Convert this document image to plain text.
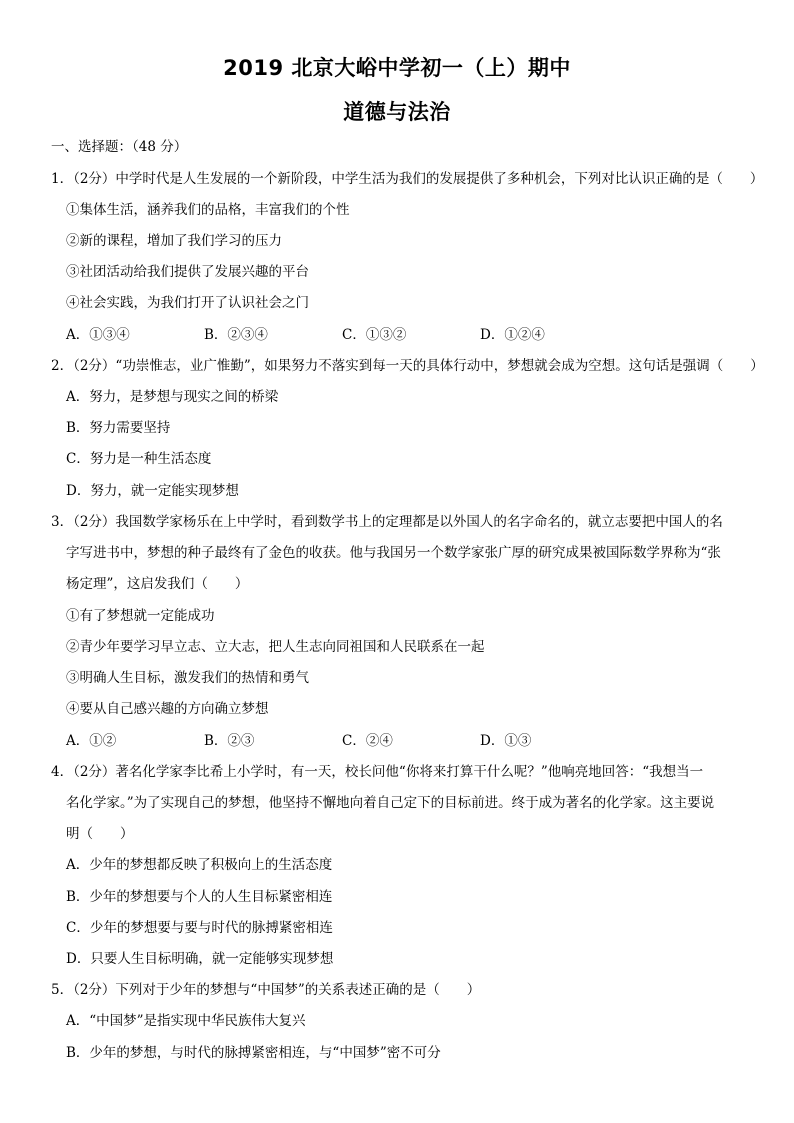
2019 北京大峪中学初一（上）期中
道德与法治
一、选择题：（48 分）
1．（2分）中学时代是人生发展的一个新阶段，中学生活为我们的发展提供了多种机会，下列对比认识正确的是（　　）
①集体生活，涵养我们的品格，丰富我们的个性
②新的课程，增加了我们学习的压力
③社团活动给我们提供了发展兴趣的平台
④社会实践，为我们打开了认识社会之门
A．①③④	B．②③④	C．①③②	D．①②④
2．（2分）“功崇惟志，业广惟勤”，如果努力不落实到每一天的具体行动中，梦想就会成为空想。这句话是强调（　　）
A．努力，是梦想与现实之间的桥梁
B．努力需要坚持
C．努力是一种生活态度
D．努力，就一定能实现梦想
3．（2分）我国数学家杨乐在上中学时，看到数学书上的定理都是以外国人的名字命名的，就立志要把中国人的名
字写进书中，梦想的种子最终有了金色的收获。他与我国另一个数学家张广厚的研究成果被国际数学界称为“张
杨定理”，这启发我们（　　）
①有了梦想就一定能成功
②青少年要学习早立志、立大志，把人生志向同祖国和人民联系在一起
③明确人生目标，激发我们的热情和勇气
④要从自己感兴趣的方向确立梦想
A．①②	B．②③	C．②④	D．①③
4．（2分）著名化学家李比希上小学时，有一天，校长问他“你将来打算干什么呢？”他响亮地回答：“我想当一
名化学家。”为了实现自己的梦想，他坚持不懈地向着自己定下的目标前进。终于成为著名的化学家。这主要说
明（　　）
A．少年的梦想都反映了积极向上的生活态度
B．少年的梦想要与个人的人生目标紧密相连
C．少年的梦想要与要与时代的脉搏紧密相连
D．只要人生目标明确，就一定能够实现梦想
5．（2分）下列对于少年的梦想与“中国梦”的关系表述正确的是（　　）
A．“中国梦”是指实现中华民族伟大复兴
B．少年的梦想，与时代的脉搏紧密相连，与“中国梦”密不可分
